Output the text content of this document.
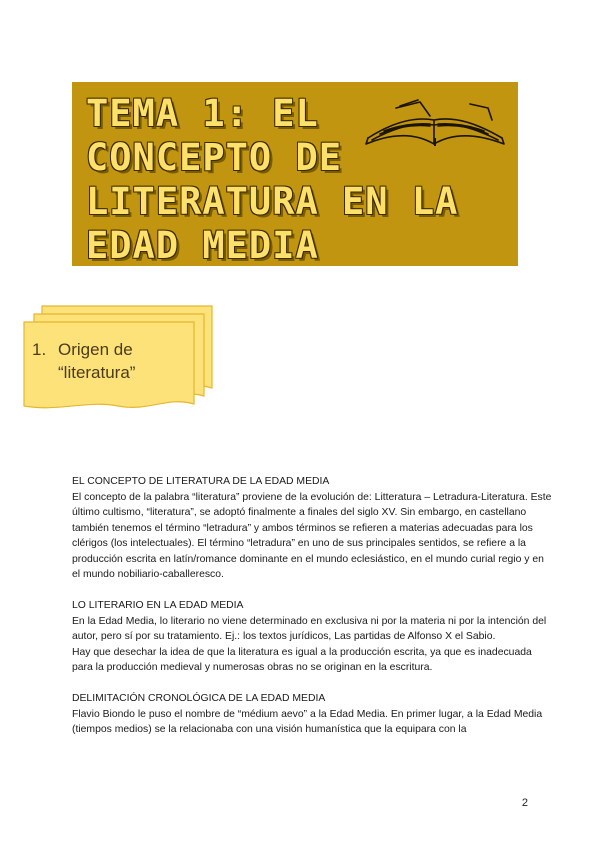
TEMA 1: EL CONCEPTO DE LITERATURA EN LA EDAD MEDIA
1. Origen de
“literatura”

EL CONCEPTO DE LITERATURA DE LA EDAD MEDIA

El concepto de la palabra “literatura” proviene de la evolución de: Litteratura – Letradura-Literatura. Este último cultismo, “literatura”, se adoptó finalmente a finales del siglo XV. Sin embargo, en castellano también tenemos el término “letradura” y ambos términos se refieren a materias adecuadas para los clérigos (los intelectuales). El término “letradura” en uno de sus principales sentidos, se refiere a la producción escrita en latín/romance dominante en el mundo eclesiástico, en el mundo curial regio y en el mundo nobiliario-caballeresco.

LO LITERARIO EN LA EDAD MEDIA

En la Edad Media, lo literario no viene determinado en exclusiva ni por la materia ni por la intención del autor, pero sí por su tratamiento. Ej.: los textos jurídicos, Las partidas de Alfonso X el Sabio.

Hay que desechar la idea de que la literatura es igual a la producción escrita, ya que es inadecuada para la producción medieval y numerosas obras no se originan en la escritura.

DELIMITACIÓN CRONOLÓGICA DE LA EDAD MEDIA

Flavio Biondo le puso el nombre de “médium aevo” a la Edad Media. En primer lugar, a la Edad Media (tiempos medios) se la relacionaba con una visión humanística que la equipara con la

2
